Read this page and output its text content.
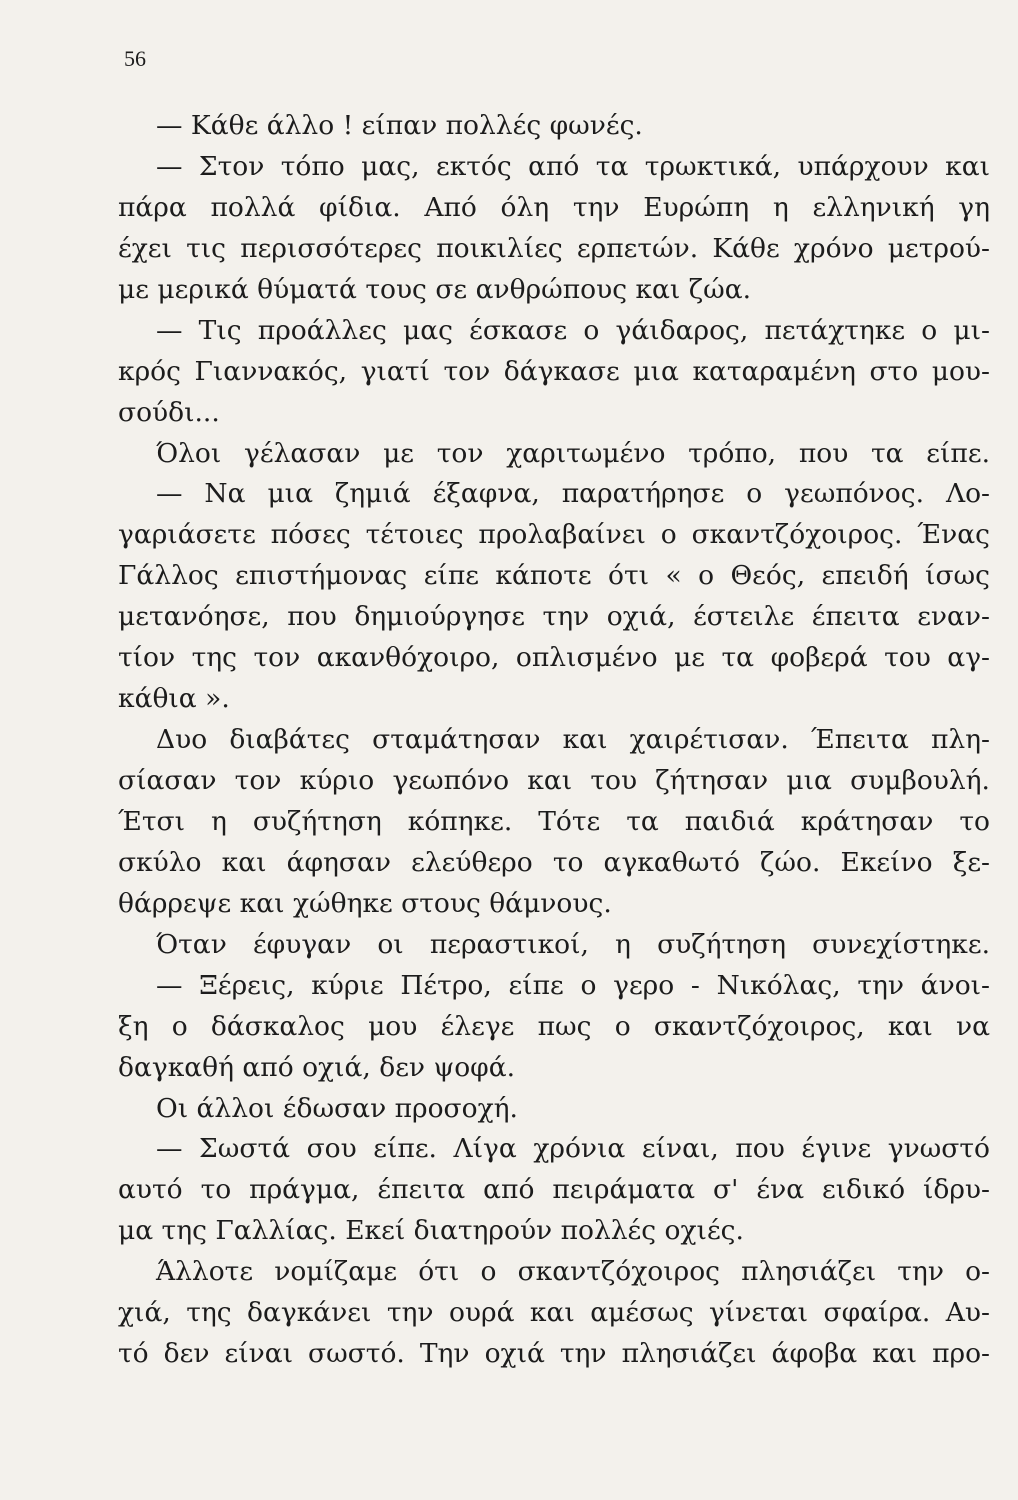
56
— Κάθε άλλο ! είπαν πολλές φωνές.
— Στον τόπο μας, εκτός από τα τρωκτικά, υπάρχουν και
πάρα πολλά φίδια. Από όλη την Ευρώπη η ελληνική γη
έχει τις περισσότερες ποικιλίες ερπετών. Κάθε χρόνο μετρού-
με μερικά θύματά τους σε ανθρώπους και ζώα.
— Τις προάλλες μας έσκασε ο γάιδαρος, πετάχτηκε ο μι-
κρός Γιαννακός, γιατί τον δάγκασε μια καταραμένη στο μου-
σούδι...
Όλοι γέλασαν με τον χαριτωμένο τρόπο, που τα είπε.
— Να μια ζημιά έξαφνα, παρατήρησε ο γεωπόνος. Λο-
γαριάσετε πόσες τέτοιες προλαβαίνει ο σκαντζόχοιρος. Ένας
Γάλλος επιστήμονας είπε κάποτε ότι « ο Θεός, επειδή ίσως
μετανόησε, που δημιούργησε την οχιά, έστειλε έπειτα εναν-
τίον της τον ακανθόχοιρο, οπλισμένο με τα φοβερά του αγ-
κάθια ».
Δυο διαβάτες σταμάτησαν και χαιρέτισαν. Έπειτα πλη-
σίασαν τον κύριο γεωπόνο και του ζήτησαν μια συμβουλή.
Έτσι η συζήτηση κόπηκε. Τότε τα παιδιά κράτησαν το
σκύλο και άφησαν ελεύθερο το αγκαθωτό ζώο. Εκείνο ξε-
θάρρεψε και χώθηκε στους θάμνους.
Όταν έφυγαν οι περαστικοί, η συζήτηση συνεχίστηκε.
— Ξέρεις, κύριε Πέτρο, είπε ο γερο - Νικόλας, την άνοι-
ξη ο δάσκαλος μου έλεγε πως ο σκαντζόχοιρος, και να
δαγκαθή από οχιά, δεν ψοφά.
Οι άλλοι έδωσαν προσοχή.
— Σωστά σου είπε. Λίγα χρόνια είναι, που έγινε γνωστό
αυτό το πράγμα, έπειτα από πειράματα σ' ένα ειδικό ίδρυ-
μα της Γαλλίας. Εκεί διατηρούν πολλές οχιές.
Άλλοτε νομίζαμε ότι ο σκαντζόχοιρος πλησιάζει την ο-
χιά, της δαγκάνει την ουρά και αμέσως γίνεται σφαίρα. Αυ-
τό δεν είναι σωστό. Την οχιά την πλησιάζει άφοβα και προ-
